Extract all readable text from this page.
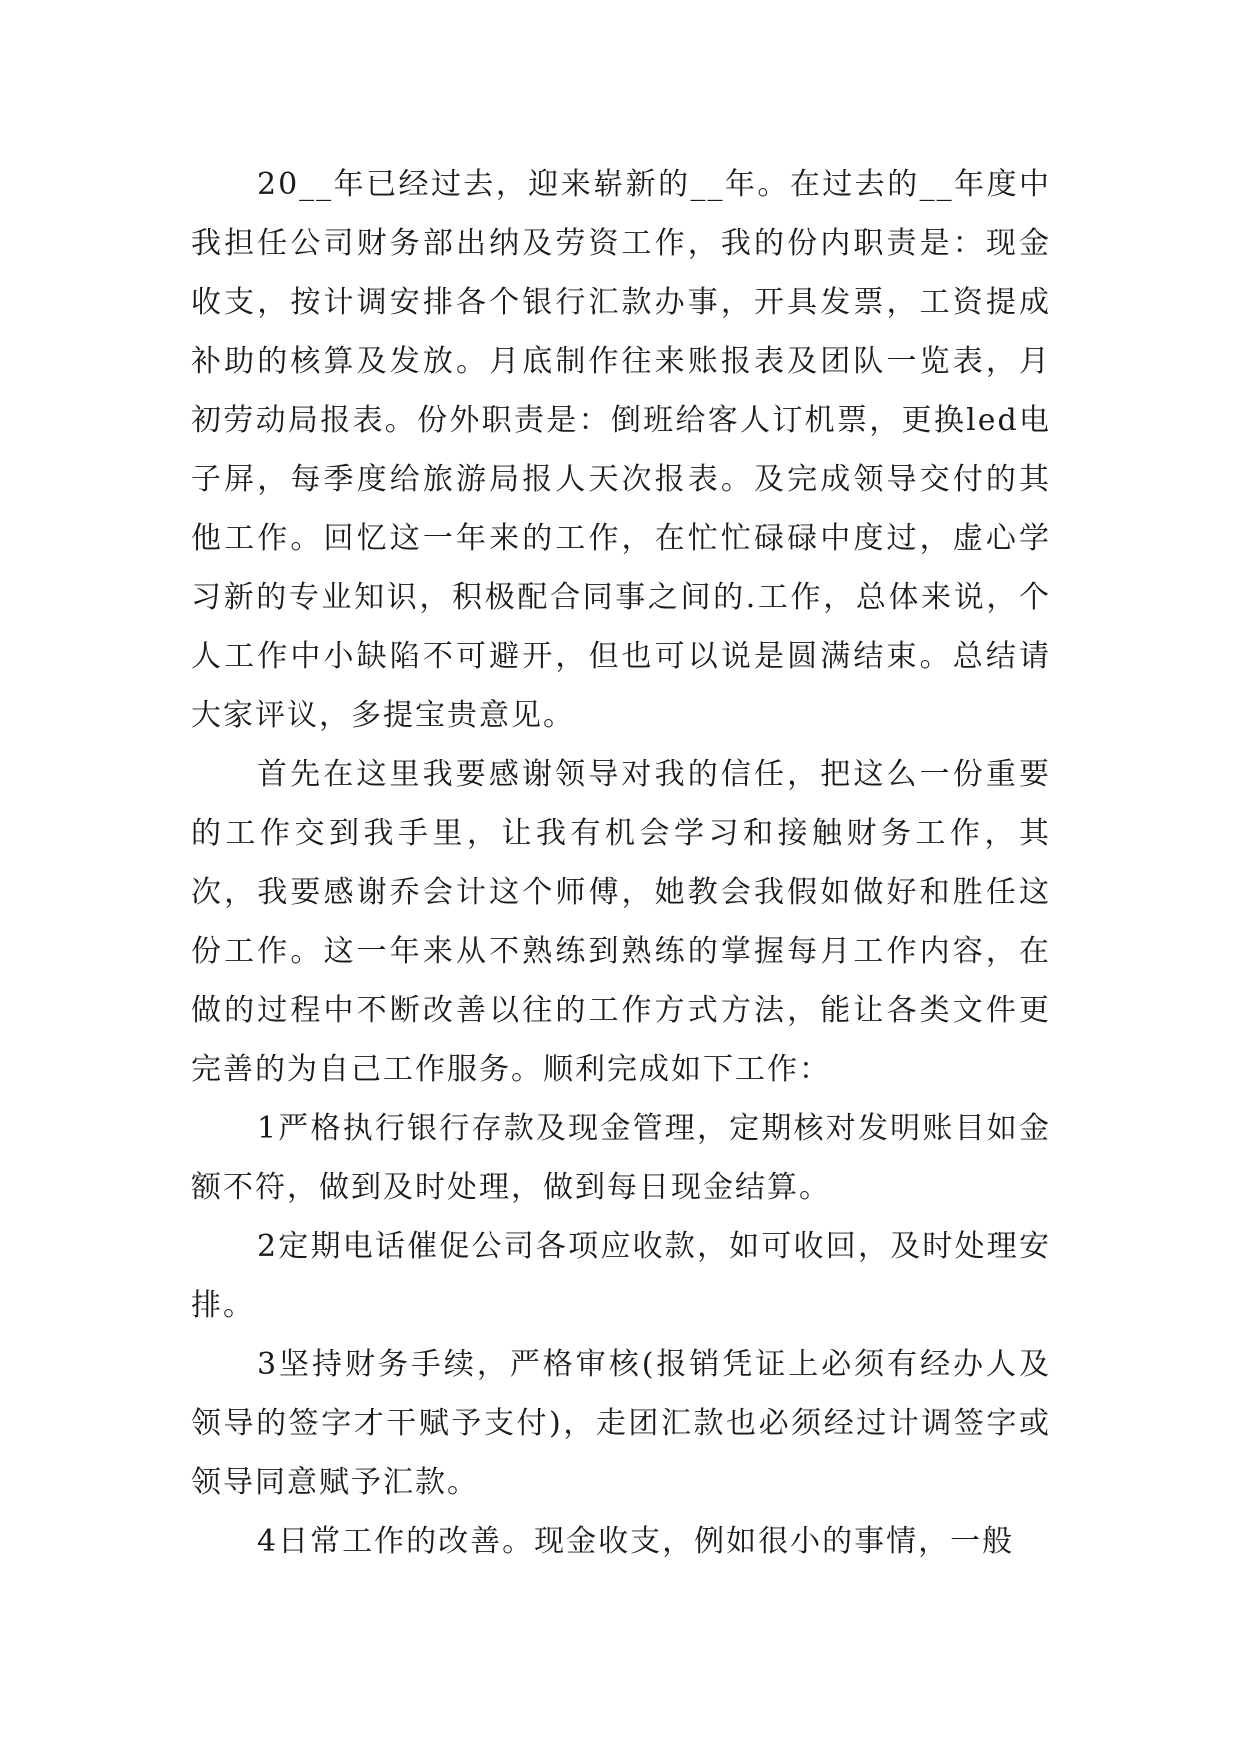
20__年已经过去，迎来崭新的__年。在过去的__年度中我担任公司财务部出纳及劳资工作，我的份内职责是：现金收支，按计调安排各个银行汇款办事，开具发票，工资提成补助的核算及发放。月底制作往来账报表及团队一览表，月初劳动局报表。份外职责是：倒班给客人订机票，更换led电子屏，每季度给旅游局报人天次报表。及完成领导交付的其他工作。回忆这一年来的工作，在忙忙碌碌中度过，虚心学习新的专业知识，积极配合同事之间的.工作，总体来说，个人工作中小缺陷不可避开，但也可以说是圆满结束。总结请大家评议，多提宝贵意见。

首先在这里我要感谢领导对我的信任，把这么一份重要的工作交到我手里，让我有机会学习和接触财务工作，其次，我要感谢乔会计这个师傅，她教会我假如做好和胜任这份工作。这一年来从不熟练到熟练的掌握每月工作内容，在做的过程中不断改善以往的工作方式方法，能让各类文件更完善的为自己工作服务。顺利完成如下工作：

1严格执行银行存款及现金管理，定期核对发明账目如金额不符，做到及时处理，做到每日现金结算。

2定期电话催促公司各项应收款，如可收回，及时处理安排。

3坚持财务手续，严格审核(报销凭证上必须有经办人及领导的签字才干赋予支付)，走团汇款也必须经过计调签字或领导同意赋予汇款。

4日常工作的改善。现金收支，例如很小的事情，一般
